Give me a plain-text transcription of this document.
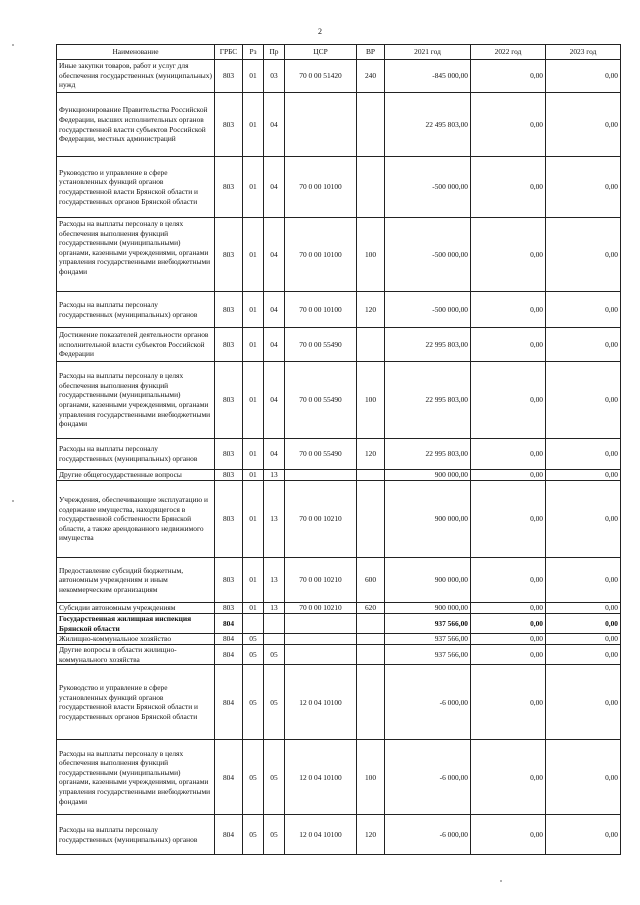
2
Наименование	ГРБС	Рз	Пр	ЦСР	ВР	2021 год	2022 год	2023 год
Иные закупки товаров, работ и услуг для обеспечения государственных (муниципальных) нужд	803	01	03	70 0 00 51420	240	-845 000,00	0,00	0,00
Функционирование Правительства Российской Федерации, высших исполнительных органов государственной власти субъектов Российской Федерации, местных администраций	803	01	04			22 495 803,00	0,00	0,00
Руководство и управление в сфере установленных функций органов государственной власти Брянской области и государственных органов Брянской области	803	01	04	70 0 00 10100		-500 000,00	0,00	0,00
Расходы на выплаты персоналу в целях обеспечения выполнения функций государственными (муниципальными) органами, казенными учреждениями, органами управления государственными внебюджетными фондами	803	01	04	70 0 00 10100	100	-500 000,00	0,00	0,00
Расходы на выплаты персоналу государственных (муниципальных) органов	803	01	04	70 0 00 10100	120	-500 000,00	0,00	0,00
Достижение показателей деятельности органов исполнительной власти субъектов Российской Федерации	803	01	04	70 0 00 55490		22 995 803,00	0,00	0,00
Расходы на выплаты персоналу в целях обеспечения выполнения функций государственными (муниципальными) органами, казенными учреждениями, органами управления государственными внебюджетными фондами	803	01	04	70 0 00 55490	100	22 995 803,00	0,00	0,00
Расходы на выплаты персоналу государственных (муниципальных) органов	803	01	04	70 0 00 55490	120	22 995 803,00	0,00	0,00
Другие общегосударственные вопросы	803	01	13			900 000,00	0,00	0,00
Учреждения, обеспечивающие эксплуатацию и содержание имущества, находящегося в государственной собственности Брянской области, а также арендованного недвижимого имущества	803	01	13	70 0 00 10210		900 000,00	0,00	0,00
Предоставление субсидий бюджетным, автономным учреждениям и иным некоммерческим организациям	803	01	13	70 0 00 10210	600	900 000,00	0,00	0,00
Субсидии автономным учреждениям	803	01	13	70 0 00 10210	620	900 000,00	0,00	0,00
Государственная жилищная инспекция Брянской области	804					937 566,00	0,00	0,00
Жилищно-коммунальное хозяйство	804	05				937 566,00	0,00	0,00
Другие вопросы в области жилищно-коммунального хозяйства	804	05	05			937 566,00	0,00	0,00
Руководство и управление в сфере установленных функций органов государственной власти Брянской области и государственных органов Брянской области	804	05	05	12 0 04 10100		-6 000,00	0,00	0,00
Расходы на выплаты персоналу в целях обеспечения выполнения функций государственными (муниципальными) органами, казенными учреждениями, органами управления государственными внебюджетными фондами	804	05	05	12 0 04 10100	100	-6 000,00	0,00	0,00
Расходы на выплаты персоналу государственных (муниципальных) органов	804	05	05	12 0 04 10100	120	-6 000,00	0,00	0,00
